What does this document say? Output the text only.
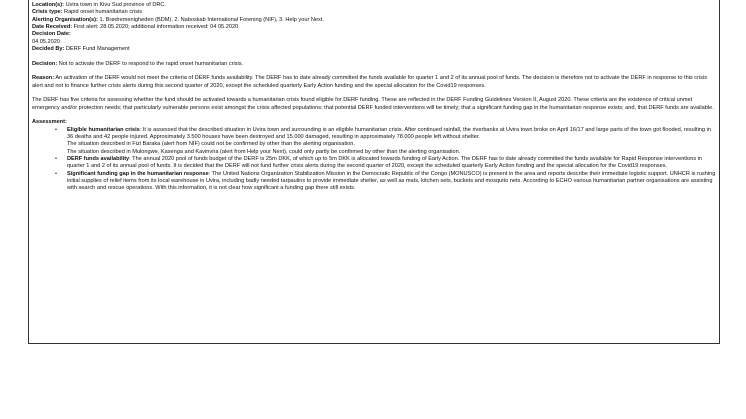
Location(s): Uvira town in Kivu Sud province of DRC.
Crisis type: Rapid onset humanitarian crisis
Alerting Organisation(s): 1. Brødremenigheden (BDM), 2. Naboskab International Forening (NIF), 3. Help your Next.
Date Received: First alert: 28.05.2020; additional information received: 04 05.2020
Decision Date:
04 05.2020
Decided By: DERF Fund Management

Decision: Not to activate the DERF to respond to the rapid onset humanitarian crisis.

Reason: An activation of the DERF would not meet the criteria of DERF funds availability. The DERF has to date already committed the funds available for quarter 1 and 2 of its annual pool of funds. The decision is therefore not to activate the DERF in response to this crisis alert and not to finance further crisis alerts during this second quarter of 2020, except the scheduled quarterly Early Action funding and the special allocation for the Covid19 responses.

The DERF has five criteria for assessing whether the fund should be activated towards a humanitarian crisis found eligible for DERF funding. These are reflected in the DERF Funding Guidelines Version II, August 2020. These criteria are the existence of critical unmet emergency and/or protection needs; that particularly vulnerable persons exist amongst the crisis affected populations; that potential DERF funded interventions will be timely; that a significant funding gap in the humanitarian response exists; and, that DERF funds are available.

Assessment:

• Eligible humanitarian crisis: It is assessed that the described situation in Uvira town and surrounding is an eligible humanitarian crisis. After continued rainfall, the riverbanks at Uvira town broke on April 16/17 and large parts of the town got flooded, resulting in 36 deaths and 42 people injured. Approximately 3.500 houses have been destroyed and 15.000 damaged, resulting in approximately 78.000 people left without shelter.
The situation described in Fizi Baraka (alert from NIF) could not be confirmed by other than the alerting organisation.
The situation described in Mulongwe, Kasenga and Kavinvira (alert from Help your Next), could only partly be confirmed by other than the alerting organisation.
• DERF funds availability: The annual 2020 pool of funds budget of the DERF is 25m DKK, of which up to 5m DKK is allocated towards funding of Early Action. The DERF has to date already committed the funds available for Rapid Response interventions in quarter 1 and 2 of its annual pool of funds. It is decided that the DERF will not fund further crisis alerts during the second quarter of 2020, except the scheduled quarterly Early Action funding and the special allocation for the Covid19 responses.
• Significant funding gap in the humanitarian response: The United Nations Organization Stabilization Mission in the Democratic Republic of the Congo (MONUSCO) is present in the area and reports describe their immediate logistic support. UNHCR is rushing initial supplies of relief items from its local warehouse in Uvira, including badly needed tarpaulins to provide immediate shelter, as well as mats, kitchen sets, buckets and mosquito nets. According to ECHO various humanitarian partner organisations are assisting with search and rescue operations. With this information, it is not clear how significant a funding gap there still exists.
